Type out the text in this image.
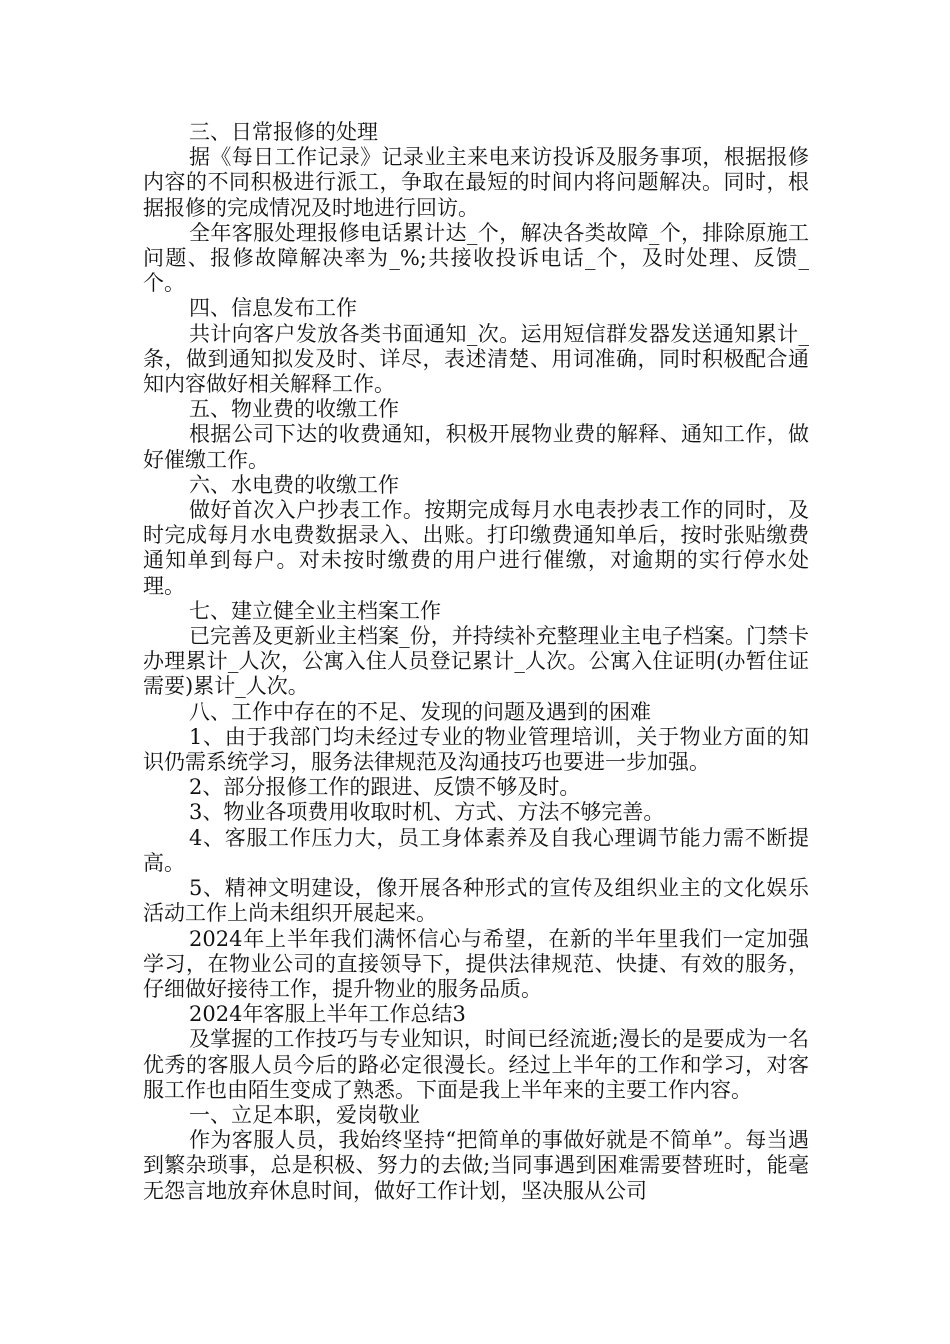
三、日常报修的处理

据《每日工作记录》记录业主来电来访投诉及服务事项，根据报修内容的不同积极进行派工，争取在最短的时间内将问题解决。同时，根据报修的完成情况及时地进行回访。

全年客服处理报修电话累计达_个，解决各类故障_个，排除原施工问题、报修故障解决率为_%;共接收投诉电话_个，及时处理、反馈_个。

四、信息发布工作

共计向客户发放各类书面通知_次。运用短信群发器发送通知累计_条，做到通知拟发及时、详尽，表述清楚、用词准确，同时积极配合通知内容做好相关解释工作。

五、物业费的收缴工作

根据公司下达的收费通知，积极开展物业费的解释、通知工作，做好催缴工作。

六、水电费的收缴工作

做好首次入户抄表工作。按期完成每月水电表抄表工作的同时，及时完成每月水电费数据录入、出账。打印缴费通知单后，按时张贴缴费通知单到每户。对未按时缴费的用户进行催缴，对逾期的实行停水处理。

七、建立健全业主档案工作

已完善及更新业主档案_份，并持续补充整理业主电子档案。门禁卡办理累计_人次，公寓入住人员登记累计_人次。公寓入住证明(办暂住证需要)累计_人次。

八、工作中存在的不足、发现的问题及遇到的困难

1、由于我部门均未经过专业的物业管理培训，关于物业方面的知识仍需系统学习，服务法律规范及沟通技巧也要进一步加强。

2、部分报修工作的跟进、反馈不够及时。

3、物业各项费用收取时机、方式、方法不够完善。

4、客服工作压力大，员工身体素养及自我心理调节能力需不断提高。

5、精神文明建设，像开展各种形式的宣传及组织业主的文化娱乐活动工作上尚未组织开展起来。

2024年上半年我们满怀信心与希望，在新的半年里我们一定加强学习，在物业公司的直接领导下，提供法律规范、快捷、有效的服务，仔细做好接待工作，提升物业的服务品质。

2024年客服上半年工作总结3

及掌握的工作技巧与专业知识，时间已经流逝;漫长的是要成为一名优秀的客服人员今后的路必定很漫长。经过上半年的工作和学习，对客服工作也由陌生变成了熟悉。下面是我上半年来的主要工作内容。

一、立足本职，爱岗敬业

作为客服人员，我始终坚持“把简单的事做好就是不简单”。每当遇到繁杂琐事，总是积极、努力的去做;当同事遇到困难需要替班时，能毫无怨言地放弃休息时间，做好工作计划，坚决服从公司
